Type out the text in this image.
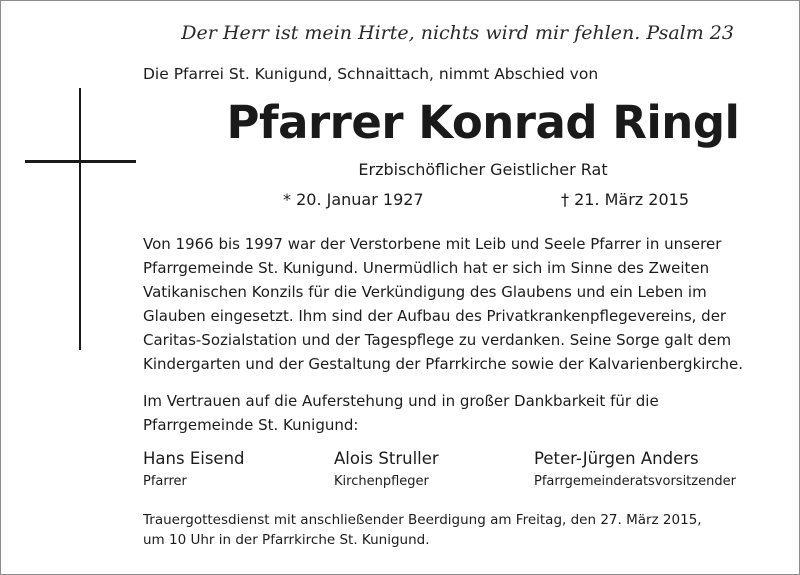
Der Herr ist mein Hirte, nichts wird mir fehlen. Psalm 23
Die Pfarrei St. Kunigund, Schnaittach, nimmt Abschied von
Pfarrer Konrad Ringl
Erzbischöflicher Geistlicher Rat
* 20. Januar 1927	† 21. März 2015
Von 1966 bis 1997 war der Verstorbene mit Leib und Seele Pfarrer in unserer
Pfarrgemeinde St. Kunigund. Unermüdlich hat er sich im Sinne des Zweiten
Vatikanischen Konzils für die Verkündigung des Glaubens und ein Leben im
Glauben eingesetzt. Ihm sind der Aufbau des Privatkrankenpflegevereins, der
Caritas-Sozialstation und der Tagespflege zu verdanken. Seine Sorge galt dem
Kindergarten und der Gestaltung der Pfarrkirche sowie der Kalvarienbergkirche.
Im Vertrauen auf die Auferstehung und in großer Dankbarkeit für die
Pfarrgemeinde St. Kunigund:
Hans Eisend
Pfarrer
Alois Struller
Kirchenpfleger
Peter-Jürgen Anders
Pfarrgemeinderatsvorsitzender
Trauergottesdienst mit anschließender Beerdigung am Freitag, den 27. März 2015,
um 10 Uhr in der Pfarrkirche St. Kunigund.
